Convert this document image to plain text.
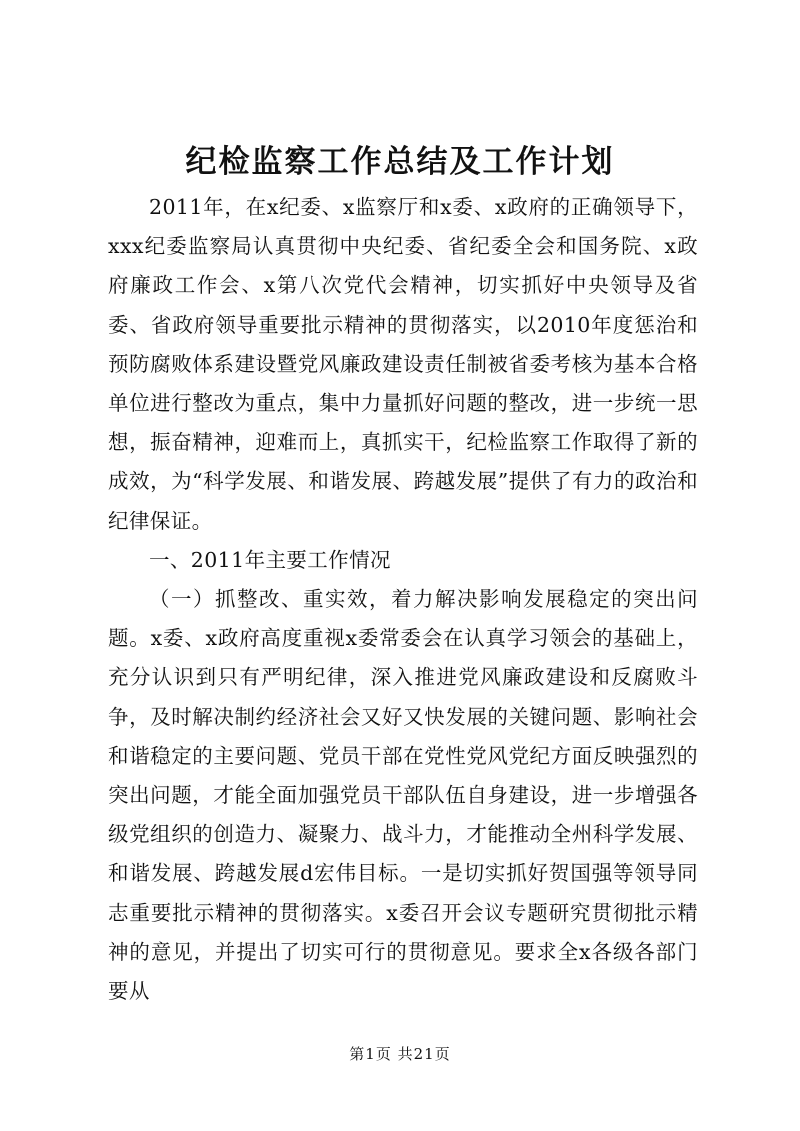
纪检监察工作总结及工作计划

2011年，在x纪委、x监察厅和x委、x政府的正确领导下，xxx纪委监察局认真贯彻中央纪委、省纪委全会和国务院、x政府廉政工作会、x第八次党代会精神，切实抓好中央领导及省委、省政府领导重要批示精神的贯彻落实，以2010年度惩治和预防腐败体系建设暨党风廉政建设责任制被省委考核为基本合格单位进行整改为重点，集中力量抓好问题的整改，进一步统一思想，振奋精神，迎难而上，真抓实干，纪检监察工作取得了新的成效，为“科学发展、和谐发展、跨越发展”提供了有力的政治和纪律保证。

一、2011年主要工作情况

（一）抓整改、重实效，着力解决影响发展稳定的突出问题。x委、x政府高度重视x委常委会在认真学习领会的基础上，充分认识到只有严明纪律，深入推进党风廉政建设和反腐败斗争，及时解决制约经济社会又好又快发展的关键问题、影响社会和谐稳定的主要问题、党员干部在党性党风党纪方面反映强烈的突出问题，才能全面加强党员干部队伍自身建设，进一步增强各级党组织的创造力、凝聚力、战斗力，才能推动全州科学发展、和谐发展、跨越发展d宏伟目标。一是切实抓好贺国强等领导同志重要批示精神的贯彻落实。x委召开会议专题研究贯彻批示精神的意见，并提出了切实可行的贯彻意见。要求全x各级各部门要从

第1页 共21页
